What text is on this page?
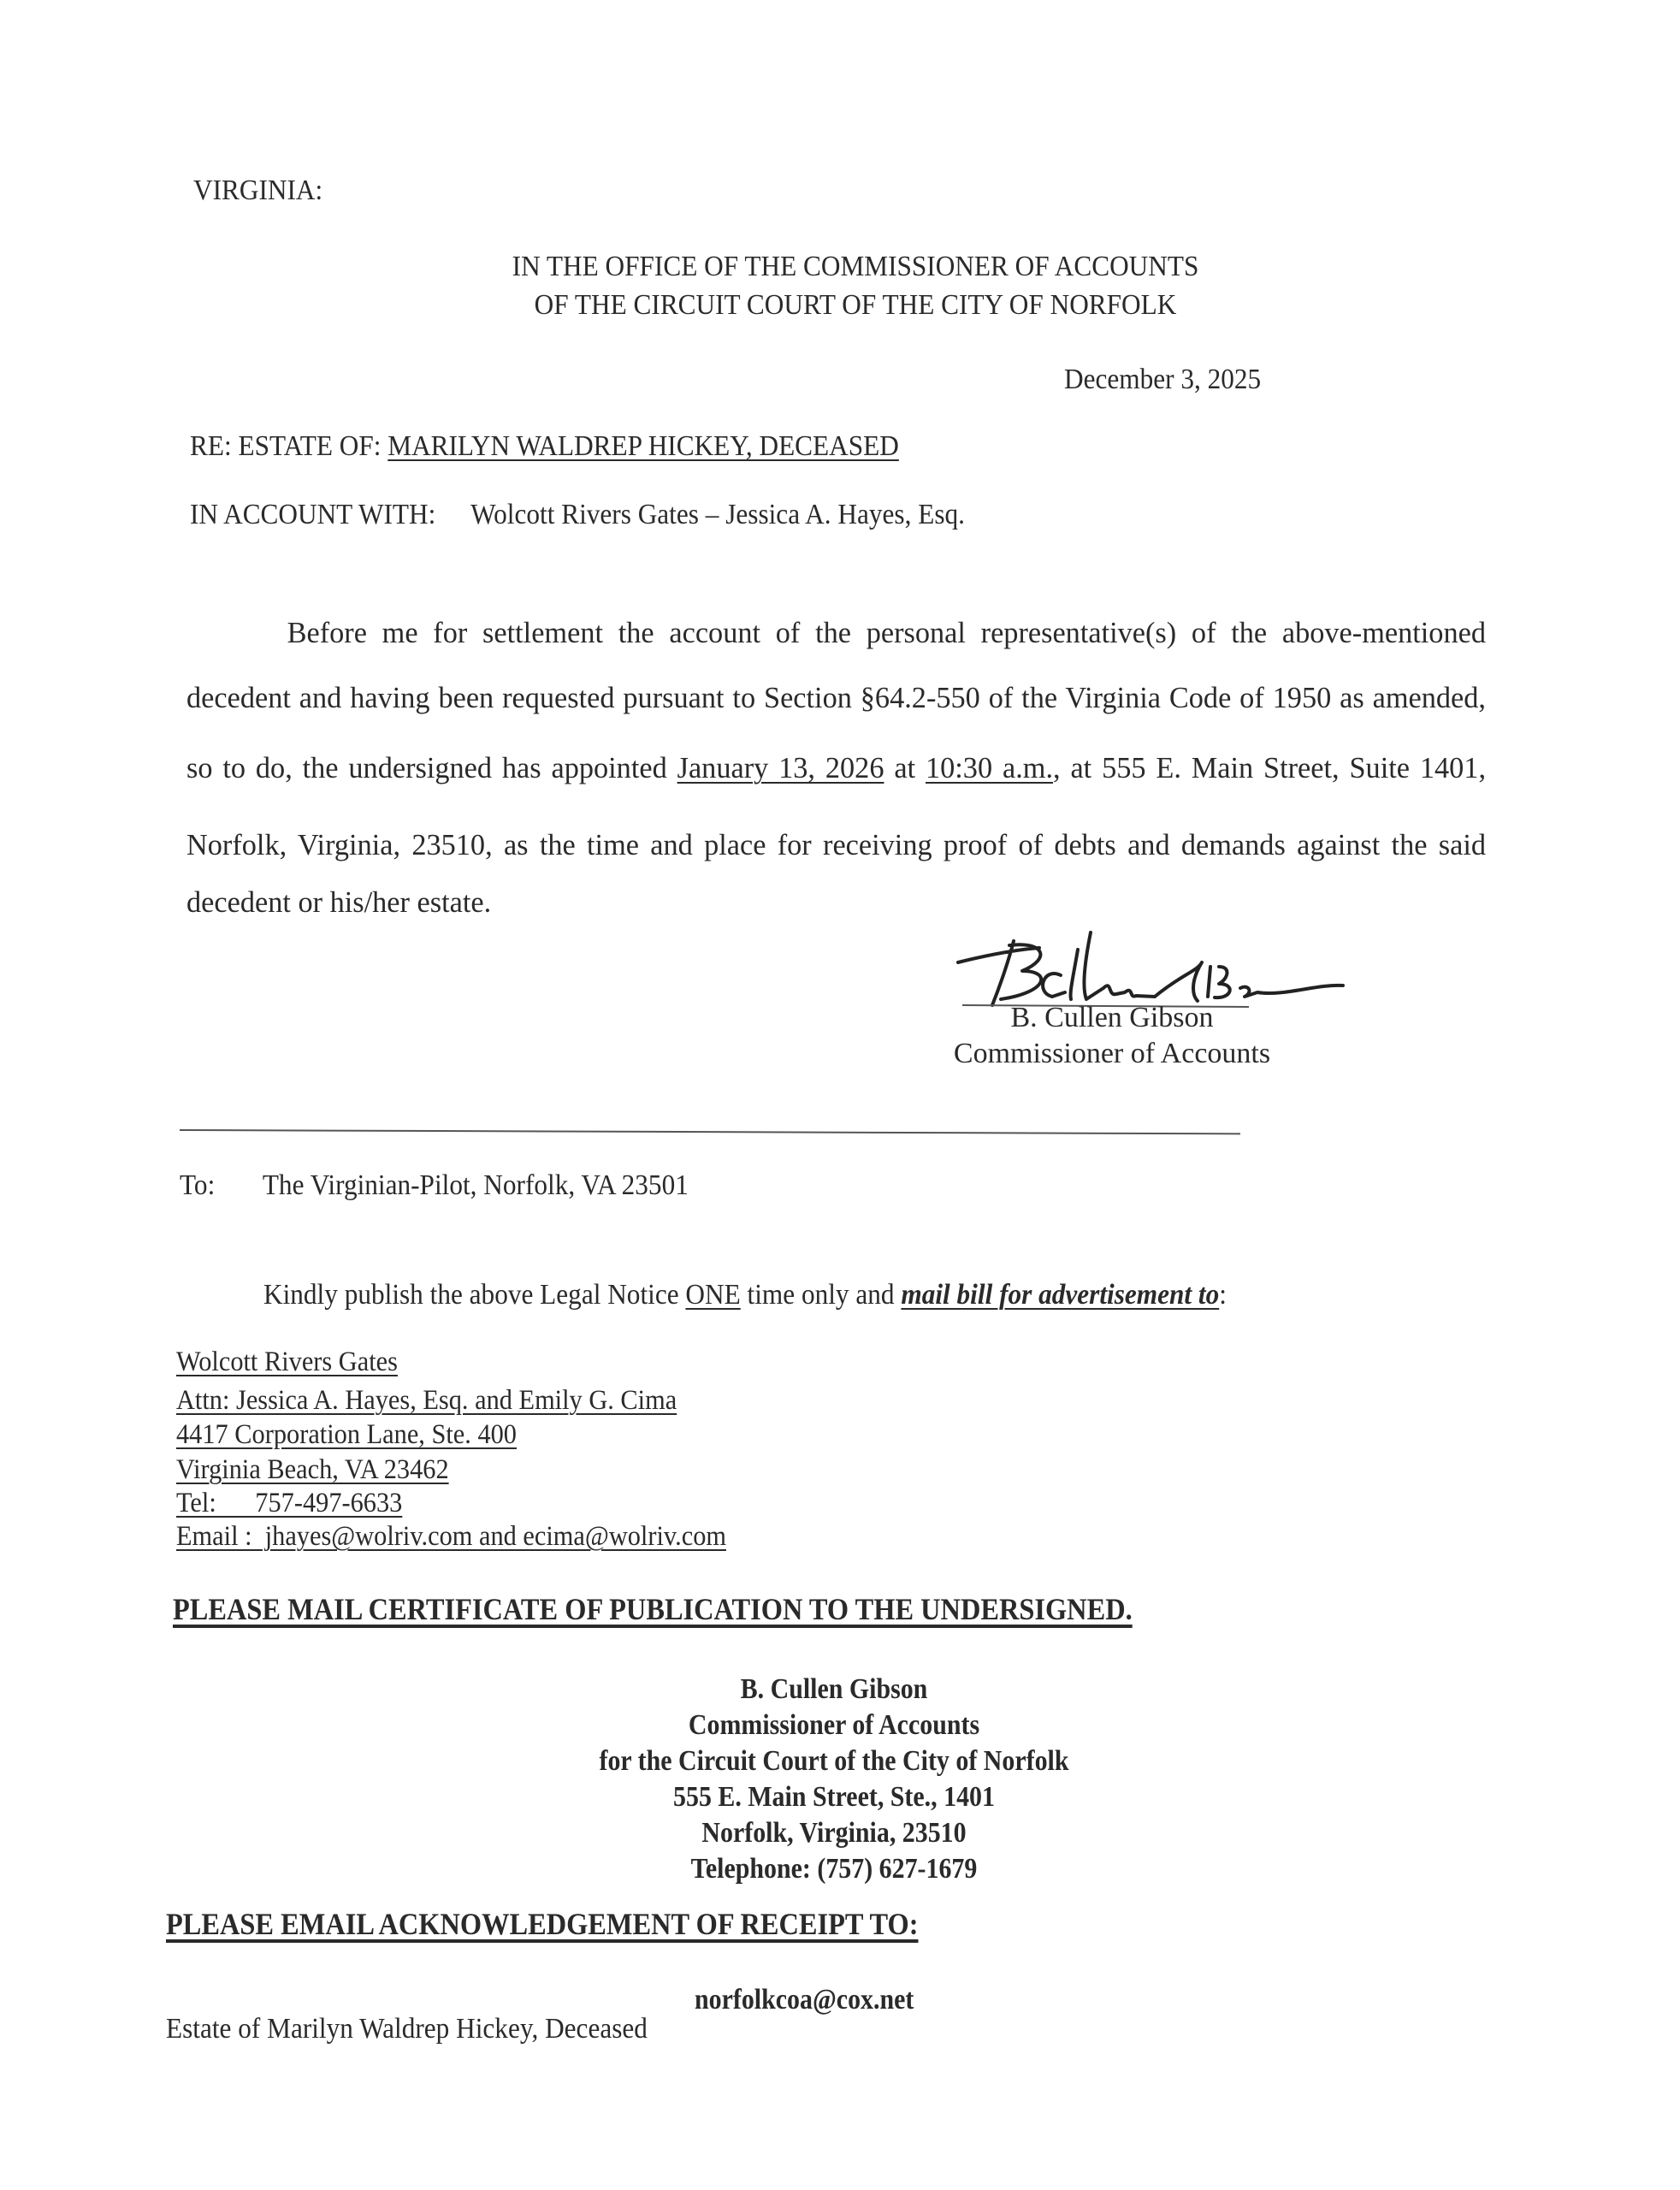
VIRGINIA:
IN THE OFFICE OF THE COMMISSIONER OF ACCOUNTS
OF THE CIRCUIT COURT OF THE CITY OF NORFOLK
December 3, 2025
RE: ESTATE OF: MARILYN WALDREP HICKEY, DECEASED
IN ACCOUNT WITH: Wolcott Rivers Gates – Jessica A. Hayes, Esq.
Before me for settlement the account of the personal representative(s) of the above-mentioned
decedent and having been requested pursuant to Section §64.2-550 of the Virginia Code of 1950 as amended,
so to do, the undersigned has appointed January 13, 2026 at 10:30 a.m., at 555 E. Main Street, Suite 1401,
Norfolk, Virginia, 23510, as the time and place for receiving proof of debts and demands against the said
decedent or his/her estate.
B. Cullen Gibson
Commissioner of Accounts
To: The Virginian-Pilot, Norfolk, VA 23501
Kindly publish the above Legal Notice ONE time only and mail bill for advertisement to:
Wolcott Rivers Gates
Attn: Jessica A. Hayes, Esq. and Emily G. Cima
4417 Corporation Lane, Ste. 400
Virginia Beach, VA 23462
Tel:      757-497-6633
Email :  jhayes@wolriv.com and ecima@wolriv.com
PLEASE MAIL CERTIFICATE OF PUBLICATION TO THE UNDERSIGNED.
B. Cullen Gibson
Commissioner of Accounts
for the Circuit Court of the City of Norfolk
555 E. Main Street, Ste., 1401
Norfolk, Virginia, 23510
Telephone: (757) 627-1679
PLEASE EMAIL ACKNOWLEDGEMENT OF RECEIPT TO:
norfolkcoa@cox.net
Estate of Marilyn Waldrep Hickey, Deceased
